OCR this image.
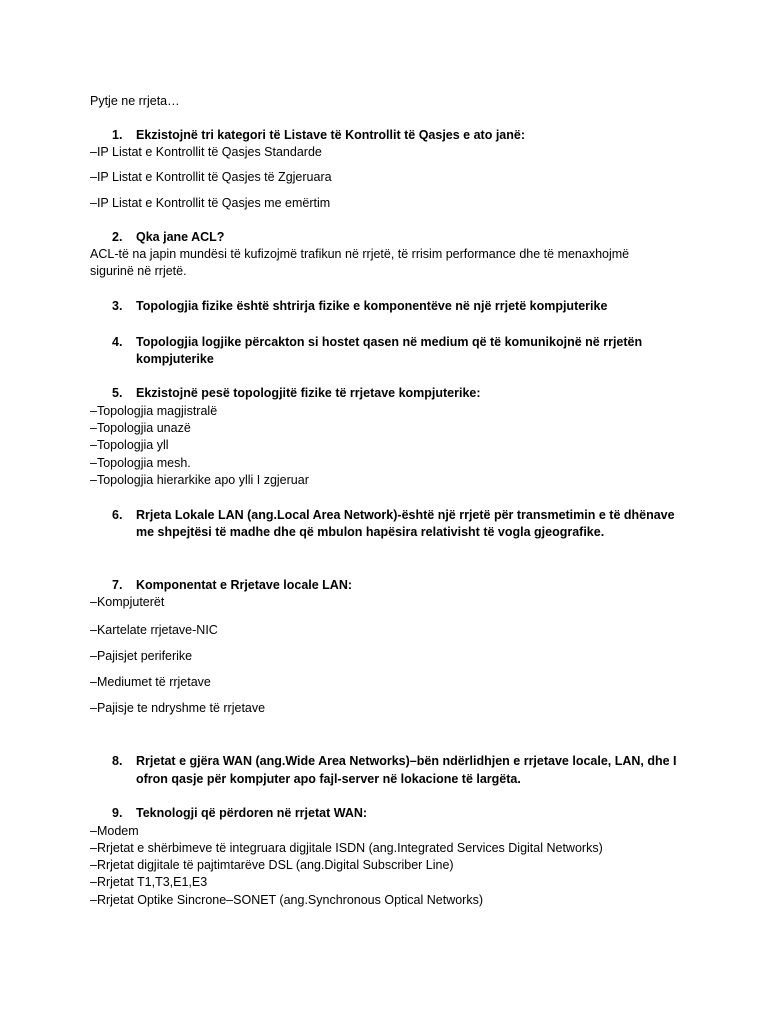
Pytje ne rrjeta…
1. Ekzistojnë tri kategori të Listave të Kontrollit të Qasjes e ato janë:
–IP Listat e Kontrollit të Qasjes Standarde
–IP Listat e Kontrollit të Qasjes të Zgjeruara
–IP Listat e Kontrollit të Qasjes me emërtim
2. Qka jane ACL?
ACL-të na japin mundësi të kufizojmë trafikun në rrjetë, të rrisim performance dhe të menaxhojmë
sigurinë në rrjetë.
3. Topologjia fizike është shtrirja fizike e komponentëve në një rrjetë kompjuterike
4. Topologjia logjike përcakton si hostet qasen në medium që të komunikojnë në rrjetën
kompjuterike
5. Ekzistojnë pesë topologjitë fizike të rrjetave kompjuterike:
–Topologjia magjistralë
–Topologjia unazë
–Topologjia yll
–Topologjia mesh.
–Topologjia hierarkike apo ylli I zgjeruar
6. Rrjeta Lokale LAN (ang.Local Area Network)-është një rrjetë për transmetimin e të dhënave
me shpejtësi të madhe dhe që mbulon hapësira relativisht të vogla gjeografike.
7. Komponentat e Rrjetave locale LAN:
–Kompjuterët
–Kartelate rrjetave-NIC
–Pajisjet periferike
–Mediumet të rrjetave
–Pajisje te ndryshme të rrjetave
8. Rrjetat e gjëra WAN (ang.Wide Area Networks)–bën ndërlidhjen e rrjetave locale, LAN, dhe I
ofron qasje për kompjuter apo fajl-server në lokacione të largëta.
9. Teknologji që përdoren në rrjetat WAN:
–Modem
–Rrjetat e shërbimeve të integruara digjitale ISDN (ang.Integrated Services Digital Networks)
–Rrjetat digjitale të pajtimtarëve DSL (ang.Digital Subscriber Line)
–Rrjetat T1,T3,E1,E3
–Rrjetat Optike Sincrone–SONET (ang.Synchronous Optical Networks)
